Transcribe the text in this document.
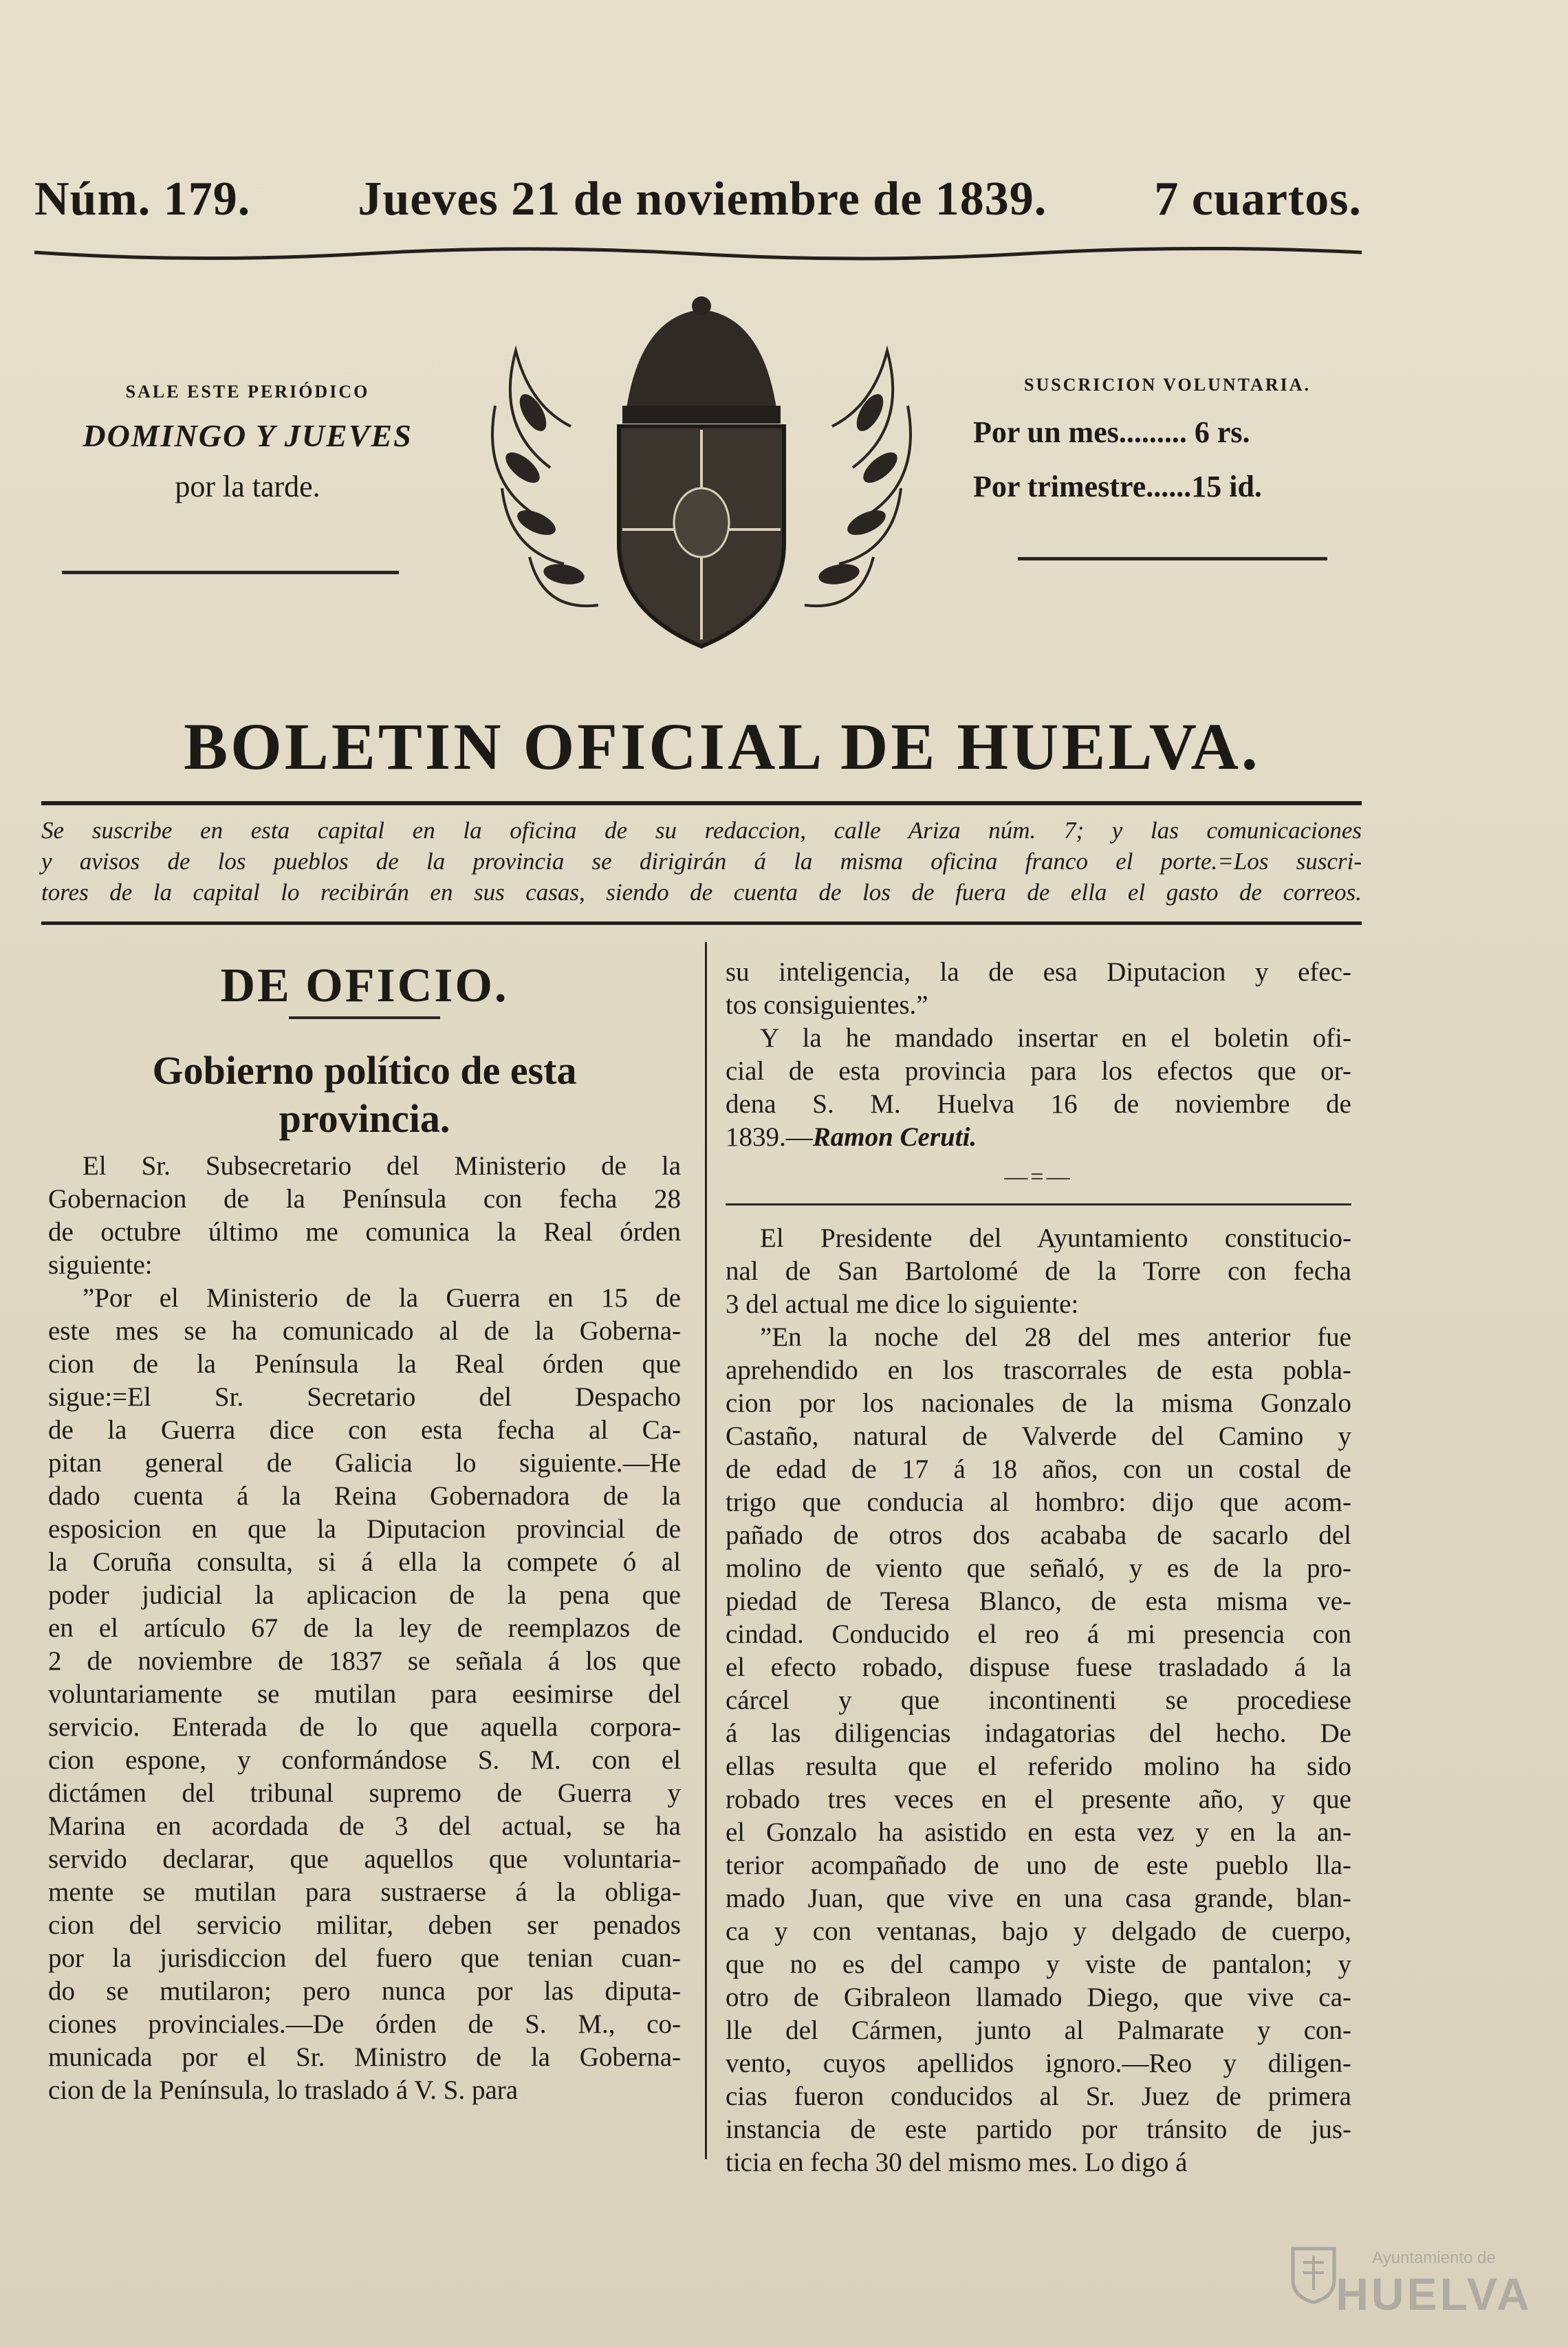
Núm. 179. Jueves 21 de noviembre de 1839. 7 cuartos.
SALE ESTE PERIÓDICO
DOMINGO Y JUEVES
por la tarde.
SUSCRICION VOLUNTARIA.
Por un mes......... 6 rs.
Por trimestre......15 id.
BOLETIN OFICIAL DE HUELVA.
Se suscribe en esta capital en la oficina de su redaccion, calle Ariza núm. 7; y las comunicaciones
y avisos de los pueblos de la provincia se dirigirán á la misma oficina franco el porte.=Los suscri-
tores de la capital lo recibirán en sus casas, siendo de cuenta de los de fuera de ella el gasto de correos.
DE OFICIO.
Gobierno político de esta
provincia.
El Sr. Subsecretario del Ministerio de la
Gobernacion de la Península con fecha 28
de octubre último me comunica la Real órden
siguiente:
”Por el Ministerio de la Guerra en 15 de
este mes se ha comunicado al de la Goberna-
cion de la Península la Real órden que
sigue:=El Sr. Secretario del Despacho
de la Guerra dice con esta fecha al Ca-
pitan general de Galicia lo siguiente.—He
dado cuenta á la Reina Gobernadora de la
esposicion en que la Diputacion provincial de
la Coruña consulta, si á ella la compete ó al
poder judicial la aplicacion de la pena que
en el artículo 67 de la ley de reemplazos de
2 de noviembre de 1837 se señala á los que
voluntariamente se mutilan para eesimirse del
servicio. Enterada de lo que aquella corpora-
cion espone, y conformándose S. M. con el
dictámen del tribunal supremo de Guerra y
Marina en acordada de 3 del actual, se ha
servido declarar, que aquellos que voluntaria-
mente se mutilan para sustraerse á la obliga-
cion del servicio militar, deben ser penados
por la jurisdiccion del fuero que tenian cuan-
do se mutilaron; pero nunca por las diputa-
ciones provinciales.—De órden de S. M., co-
municada por el Sr. Ministro de la Goberna-
cion de la Península, lo traslado á V. S. para
su inteligencia, la de esa Diputacion y efec-
tos consiguientes.”
Y la he mandado insertar en el boletin ofi-
cial de esta provincia para los efectos que or-
dena S. M. Huelva 16 de noviembre de
1839.—Ramon Ceruti.
—=—
El Presidente del Ayuntamiento constitucio-
nal de San Bartolomé de la Torre con fecha
3 del actual me dice lo siguiente:
”En la noche del 28 del mes anterior fue
aprehendido en los trascorrales de esta pobla-
cion por los nacionales de la misma Gonzalo
Castaño, natural de Valverde del Camino y
de edad de 17 á 18 años, con un costal de
trigo que conducia al hombro: dijo que acom-
pañado de otros dos acababa de sacarlo del
molino de viento que señaló, y es de la pro-
piedad de Teresa Blanco, de esta misma ve-
cindad. Conducido el reo á mi presencia con
el efecto robado, dispuse fuese trasladado á la
cárcel y que incontinenti se procediese
á las diligencias indagatorias del hecho. De
ellas resulta que el referido molino ha sido
robado tres veces en el presente año, y que
el Gonzalo ha asistido en esta vez y en la an-
terior acompañado de uno de este pueblo lla-
mado Juan, que vive en una casa grande, blan-
ca y con ventanas, bajo y delgado de cuerpo,
que no es del campo y viste de pantalon; y
otro de Gibraleon llamado Diego, que vive ca-
lle del Cármen, junto al Palmarate y con-
vento, cuyos apellidos ignoro.—Reo y diligen-
cias fueron conducidos al Sr. Juez de primera
instancia de este partido por tránsito de jus-
ticia en fecha 30 del mismo mes. Lo digo á
Ayuntamiento de
HUELVA
